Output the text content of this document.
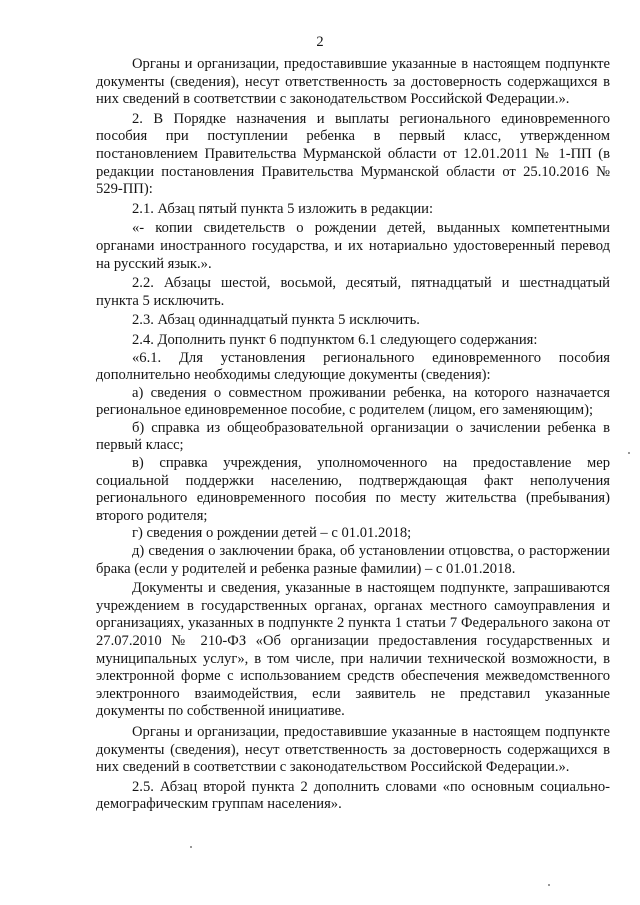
2

Органы и организации, предоставившие указанные в настоящем подпункте документы (сведения), несут ответственность за достоверность содержащихся в них сведений в соответствии с законодательством Российской Федерации.».

2. В Порядке назначения и выплаты регионального единовременного пособия при поступлении ребенка в первый класс, утвержденном постановлением Правительства Мурманской области от 12.01.2011 № 1-ПП (в редакции постановления Правительства Мурманской области от 25.10.2016 № 529-ПП):

2.1. Абзац пятый пункта 5 изложить в редакции:

«- копии свидетельств о рождении детей, выданных компетентными органами иностранного государства, и их нотариально удостоверенный перевод на русский язык.».

2.2. Абзацы шестой, восьмой, десятый, пятнадцатый и шестнадцатый пункта 5 исключить.

2.3. Абзац одиннадцатый пункта 5 исключить.

2.4. Дополнить пункт 6 подпунктом 6.1 следующего содержания:

«6.1. Для установления регионального единовременного пособия дополнительно необходимы следующие документы (сведения):

а) сведения о совместном проживании ребенка, на которого назначается региональное единовременное пособие, с родителем (лицом, его заменяющим);

б) справка из общеобразовательной организации о зачислении ребенка в первый класс;

в) справка учреждения, уполномоченного на предоставление мер социальной поддержки населению, подтверждающая факт неполучения регионального единовременного пособия по месту жительства (пребывания) второго родителя;

г) сведения о рождении детей – с 01.01.2018;

д) сведения о заключении брака, об установлении отцовства, о расторжении брака (если у родителей и ребенка разные фамилии) – с 01.01.2018.

Документы и сведения, указанные в настоящем подпункте, запрашиваются учреждением в государственных органах, органах местного самоуправления и организациях, указанных в подпункте 2 пункта 1 статьи 7 Федерального закона от 27.07.2010 № 210-ФЗ «Об организации предоставления государственных и муниципальных услуг», в том числе, при наличии технической возможности, в электронной форме с использованием средств обеспечения межведомственного электронного взаимодействия, если заявитель не представил указанные документы по собственной инициативе.

Органы и организации, предоставившие указанные в настоящем подпункте документы (сведения), несут ответственность за достоверность содержащихся в них сведений в соответствии с законодательством Российской Федерации.».

2.5. Абзац второй пункта 2 дополнить словами «по основным социально-демографическим группам населения».
